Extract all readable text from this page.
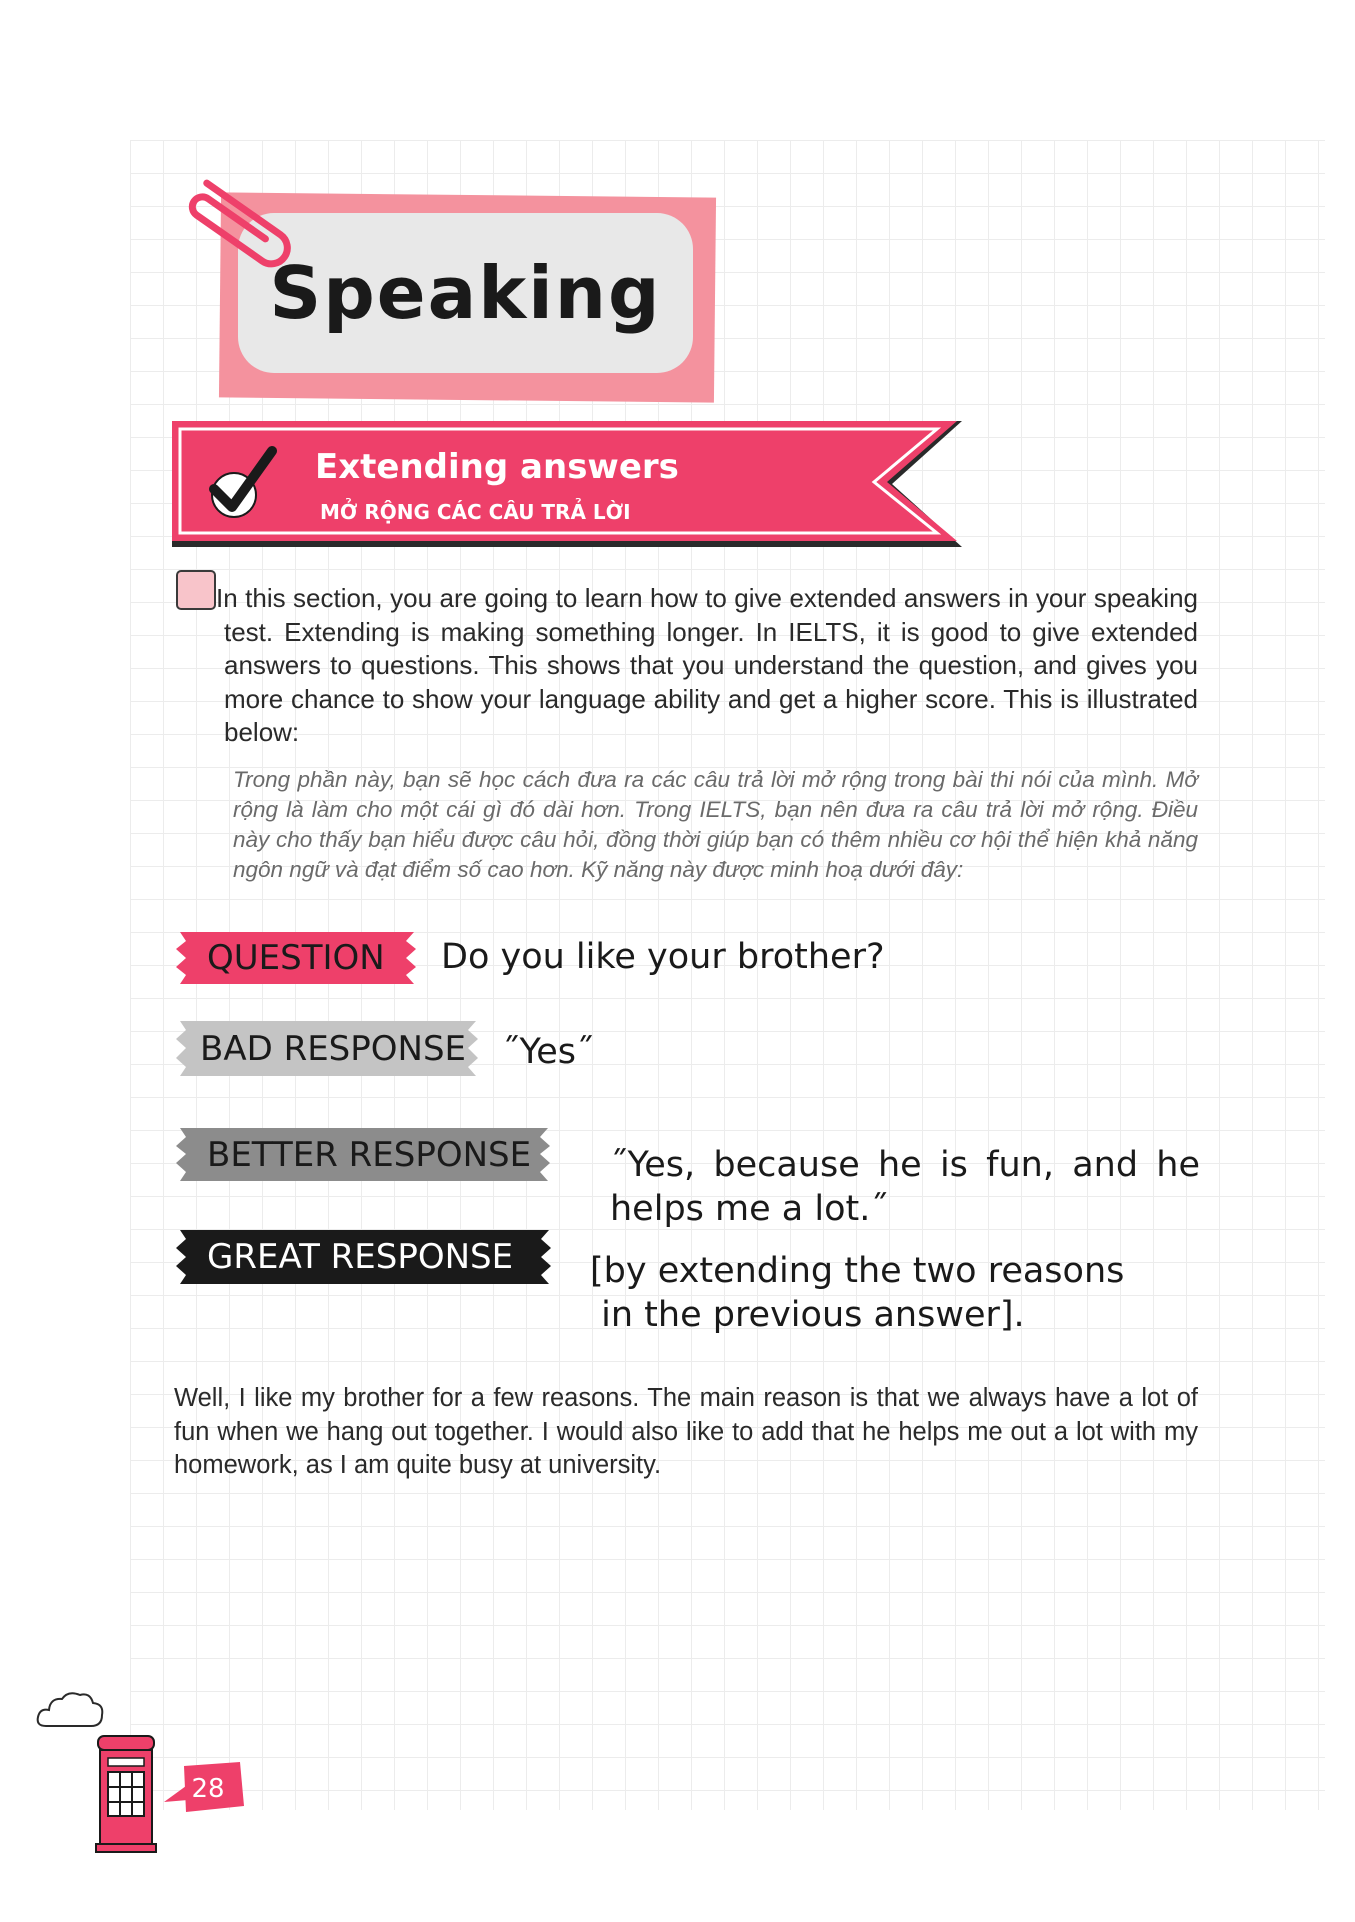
Speaking
Extending answers
MỞ RỘNG CÁC CÂU TRẢ LỜI
In this section, you are going to learn how to give extended answers in your speaking test. Extending is making something longer. In IELTS, it is good to give extended answers to questions. This shows that you understand the question, and gives you more chance to show your language ability and get a higher score. This is illustrated below:
Trong phần này, bạn sẽ học cách đưa ra các câu trả lời mở rộng trong bài thi nói của mình. Mở rộng là làm cho một cái gì đó dài hơn. Trong IELTS, bạn nên đưa ra câu trả lời mở rộng. Điều này cho thấy bạn hiểu được câu hỏi, đồng thời giúp bạn có thêm nhiều cơ hội thể hiện khả năng ngôn ngữ và đạt điểm số cao hơn. Kỹ năng này được minh hoạ dưới đây:
QUESTION Do you like your brother?
BAD RESPONSE ˝Yes˝
BETTER RESPONSE ˝Yes, because he is fun, and he helps me a lot.˝
GREAT RESPONSE [by extending the two reasons
in the previous answer].
Well, I like my brother for a few reasons. The main reason is that we always have a lot of fun when we hang out together. I would also like to add that he helps me out a lot with my homework, as I am quite busy at university.
28
